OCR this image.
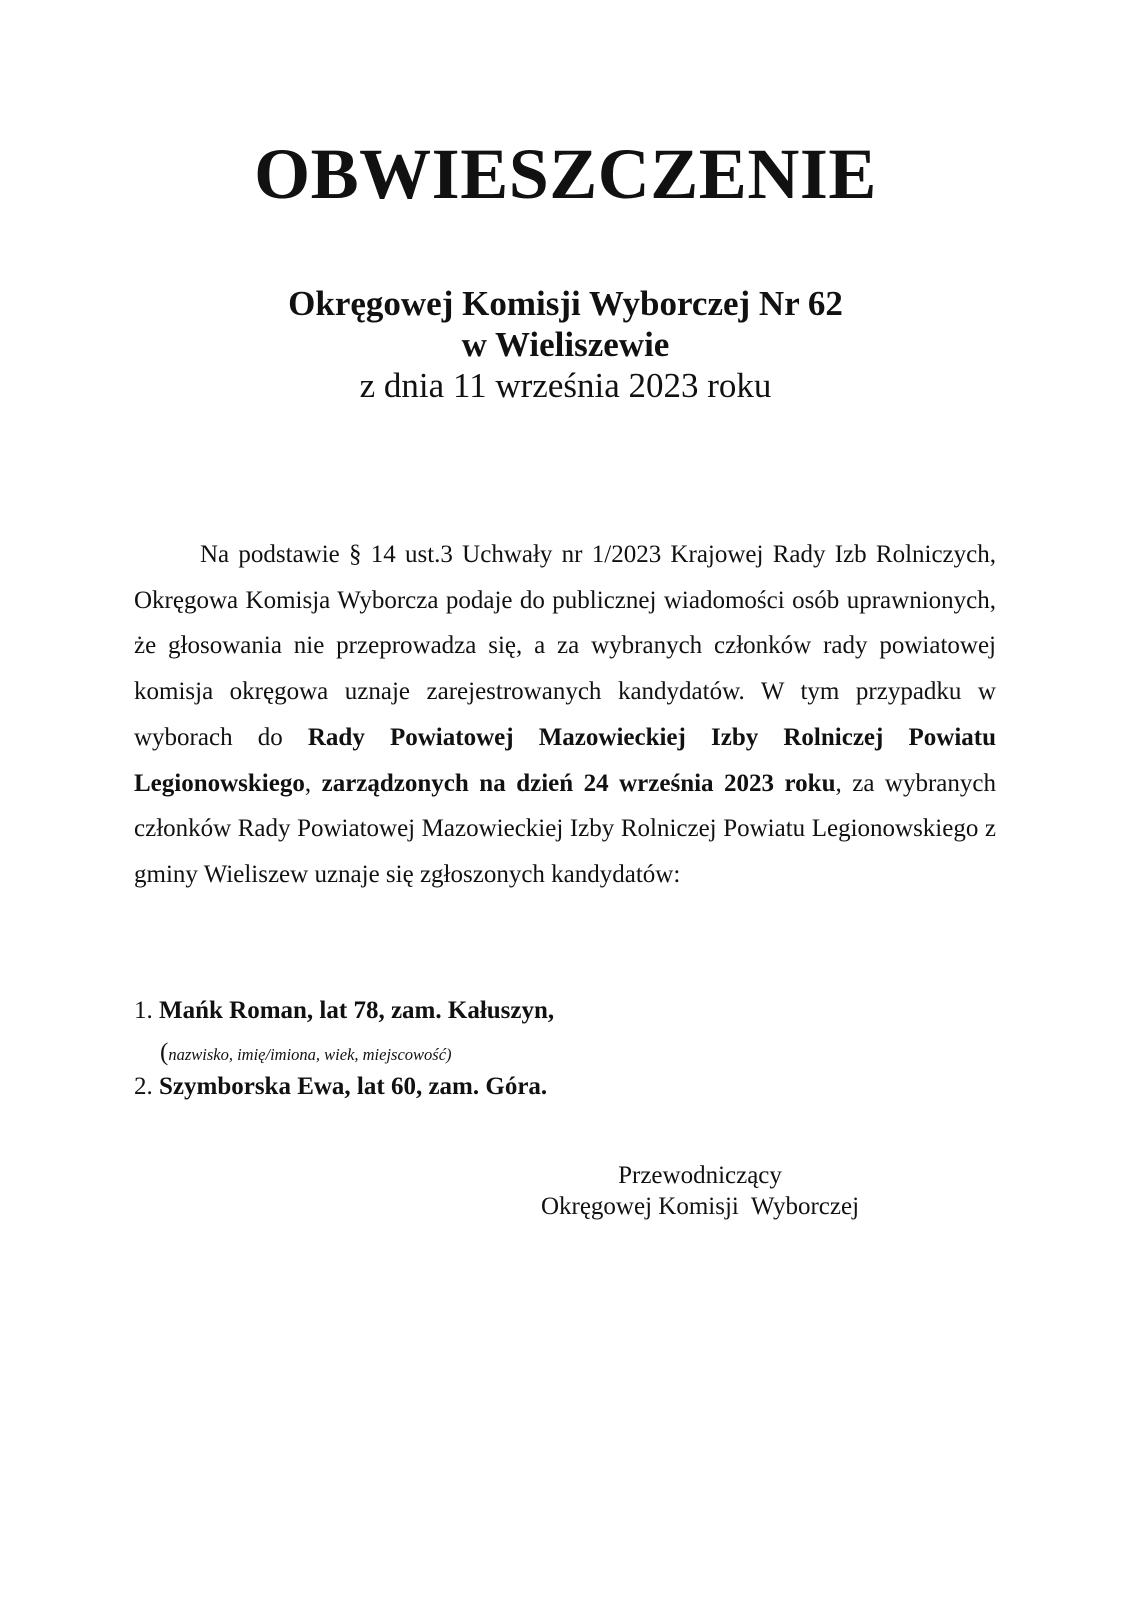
OBWIESZCZENIE
Okręgowej Komisji Wyborczej Nr 62
w Wieliszewie
z dnia 11 września 2023 roku

Na podstawie § 14 ust.3 Uchwały nr 1/2023 Krajowej Rady Izb Rolniczych, Okręgowa Komisja Wyborcza podaje do publicznej wiadomości osób uprawnionych, że głosowania nie przeprowadza się, a za wybranych członków rady powiatowej komisja okręgowa uznaje zarejestrowanych kandydatów. W tym przypadku w wyborach do Rady Powiatowej Mazowieckiej Izby Rolniczej Powiatu Legionowskiego, zarządzonych na dzień 24 września 2023 roku, za wybranych członków Rady Powiatowej Mazowieckiej Izby Rolniczej Powiatu Legionowskiego z gminy Wieliszew uznaje się zgłoszonych kandydatów:

1. Mańk Roman, lat 78, zam. Kałuszyn,
(nazwisko, imię/imiona, wiek, miejscowość)
2. Szymborska Ewa, lat 60, zam. Góra.
Przewodniczący
Okręgowej Komisji  Wyborczej
